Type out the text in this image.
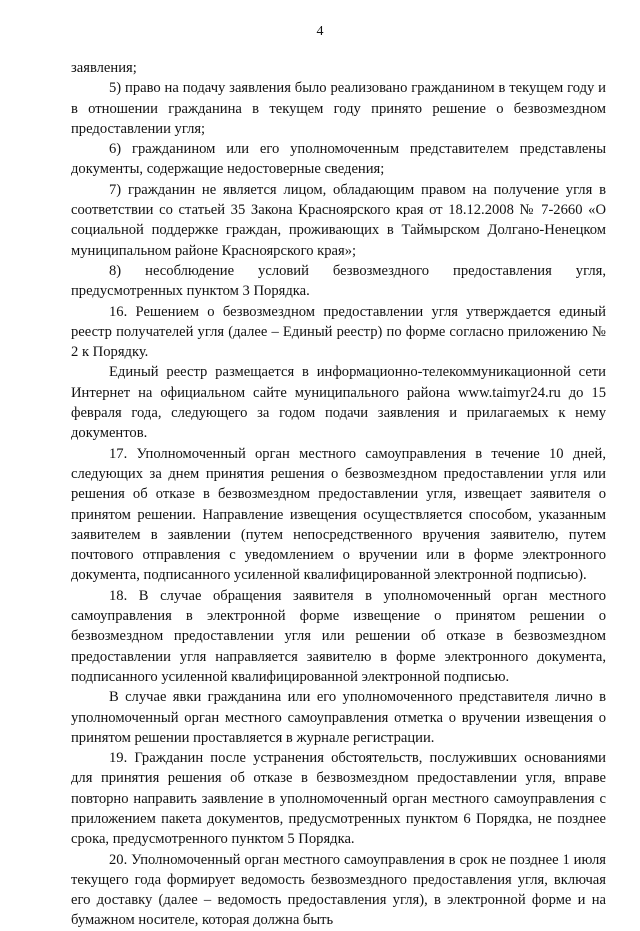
4

заявления;

5) право на подачу заявления было реализовано гражданином в текущем году и в отношении гражданина в текущем году принято решение о безвозмездном предоставлении угля;

6) гражданином или его уполномоченным представителем представлены документы, содержащие недостоверные сведения;

7) гражданин не является лицом, обладающим правом на получение угля в соответствии со статьей 35 Закона Красноярского края от 18.12.2008 № 7-2660 «О социальной поддержке граждан, проживающих в Таймырском Долгано-Ненецком муниципальном районе Красноярского края»;

8) несоблюдение условий безвозмездного предоставления угля, предусмотренных пунктом 3 Порядка.

16. Решением о безвозмездном предоставлении угля утверждается единый реестр получателей угля (далее – Единый реестр) по форме согласно приложению № 2 к Порядку.

Единый реестр размещается в информационно-телекоммуникационной сети Интернет на официальном сайте муниципального района www.taimyr24.ru до 15 февраля года, следующего за годом подачи заявления и прилагаемых к нему документов.

17. Уполномоченный орган местного самоуправления в течение 10 дней, следующих за днем принятия решения о безвозмездном предоставлении угля или решения об отказе в безвозмездном предоставлении угля, извещает заявителя о принятом решении. Направление извещения осуществляется способом, указанным заявителем в заявлении (путем непосредственного вручения заявителю, путем почтового отправления с уведомлением о вручении или в форме электронного документа, подписанного усиленной квалифицированной электронной подписью).

18. В случае обращения заявителя в уполномоченный орган местного самоуправления в электронной форме извещение о принятом решении о безвозмездном предоставлении угля или решении об отказе в безвозмездном предоставлении угля направляется заявителю в форме электронного документа, подписанного усиленной квалифицированной электронной подписью.

В случае явки гражданина или его уполномоченного представителя лично в уполномоченный орган местного самоуправления отметка о вручении извещения о принятом решении проставляется в журнале регистрации.

19. Гражданин после устранения обстоятельств, послуживших основаниями для принятия решения об отказе в безвозмездном предоставлении угля, вправе повторно направить заявление в уполномоченный орган местного самоуправления с приложением пакета документов, предусмотренных пунктом 6 Порядка, не позднее срока, предусмотренного пунктом 5 Порядка.

20. Уполномоченный орган местного самоуправления в срок не позднее 1 июля текущего года формирует ведомость безвозмездного предоставления угля, включая его доставку (далее – ведомость предоставления угля), в электронной форме и на бумажном носителе, которая должна быть
